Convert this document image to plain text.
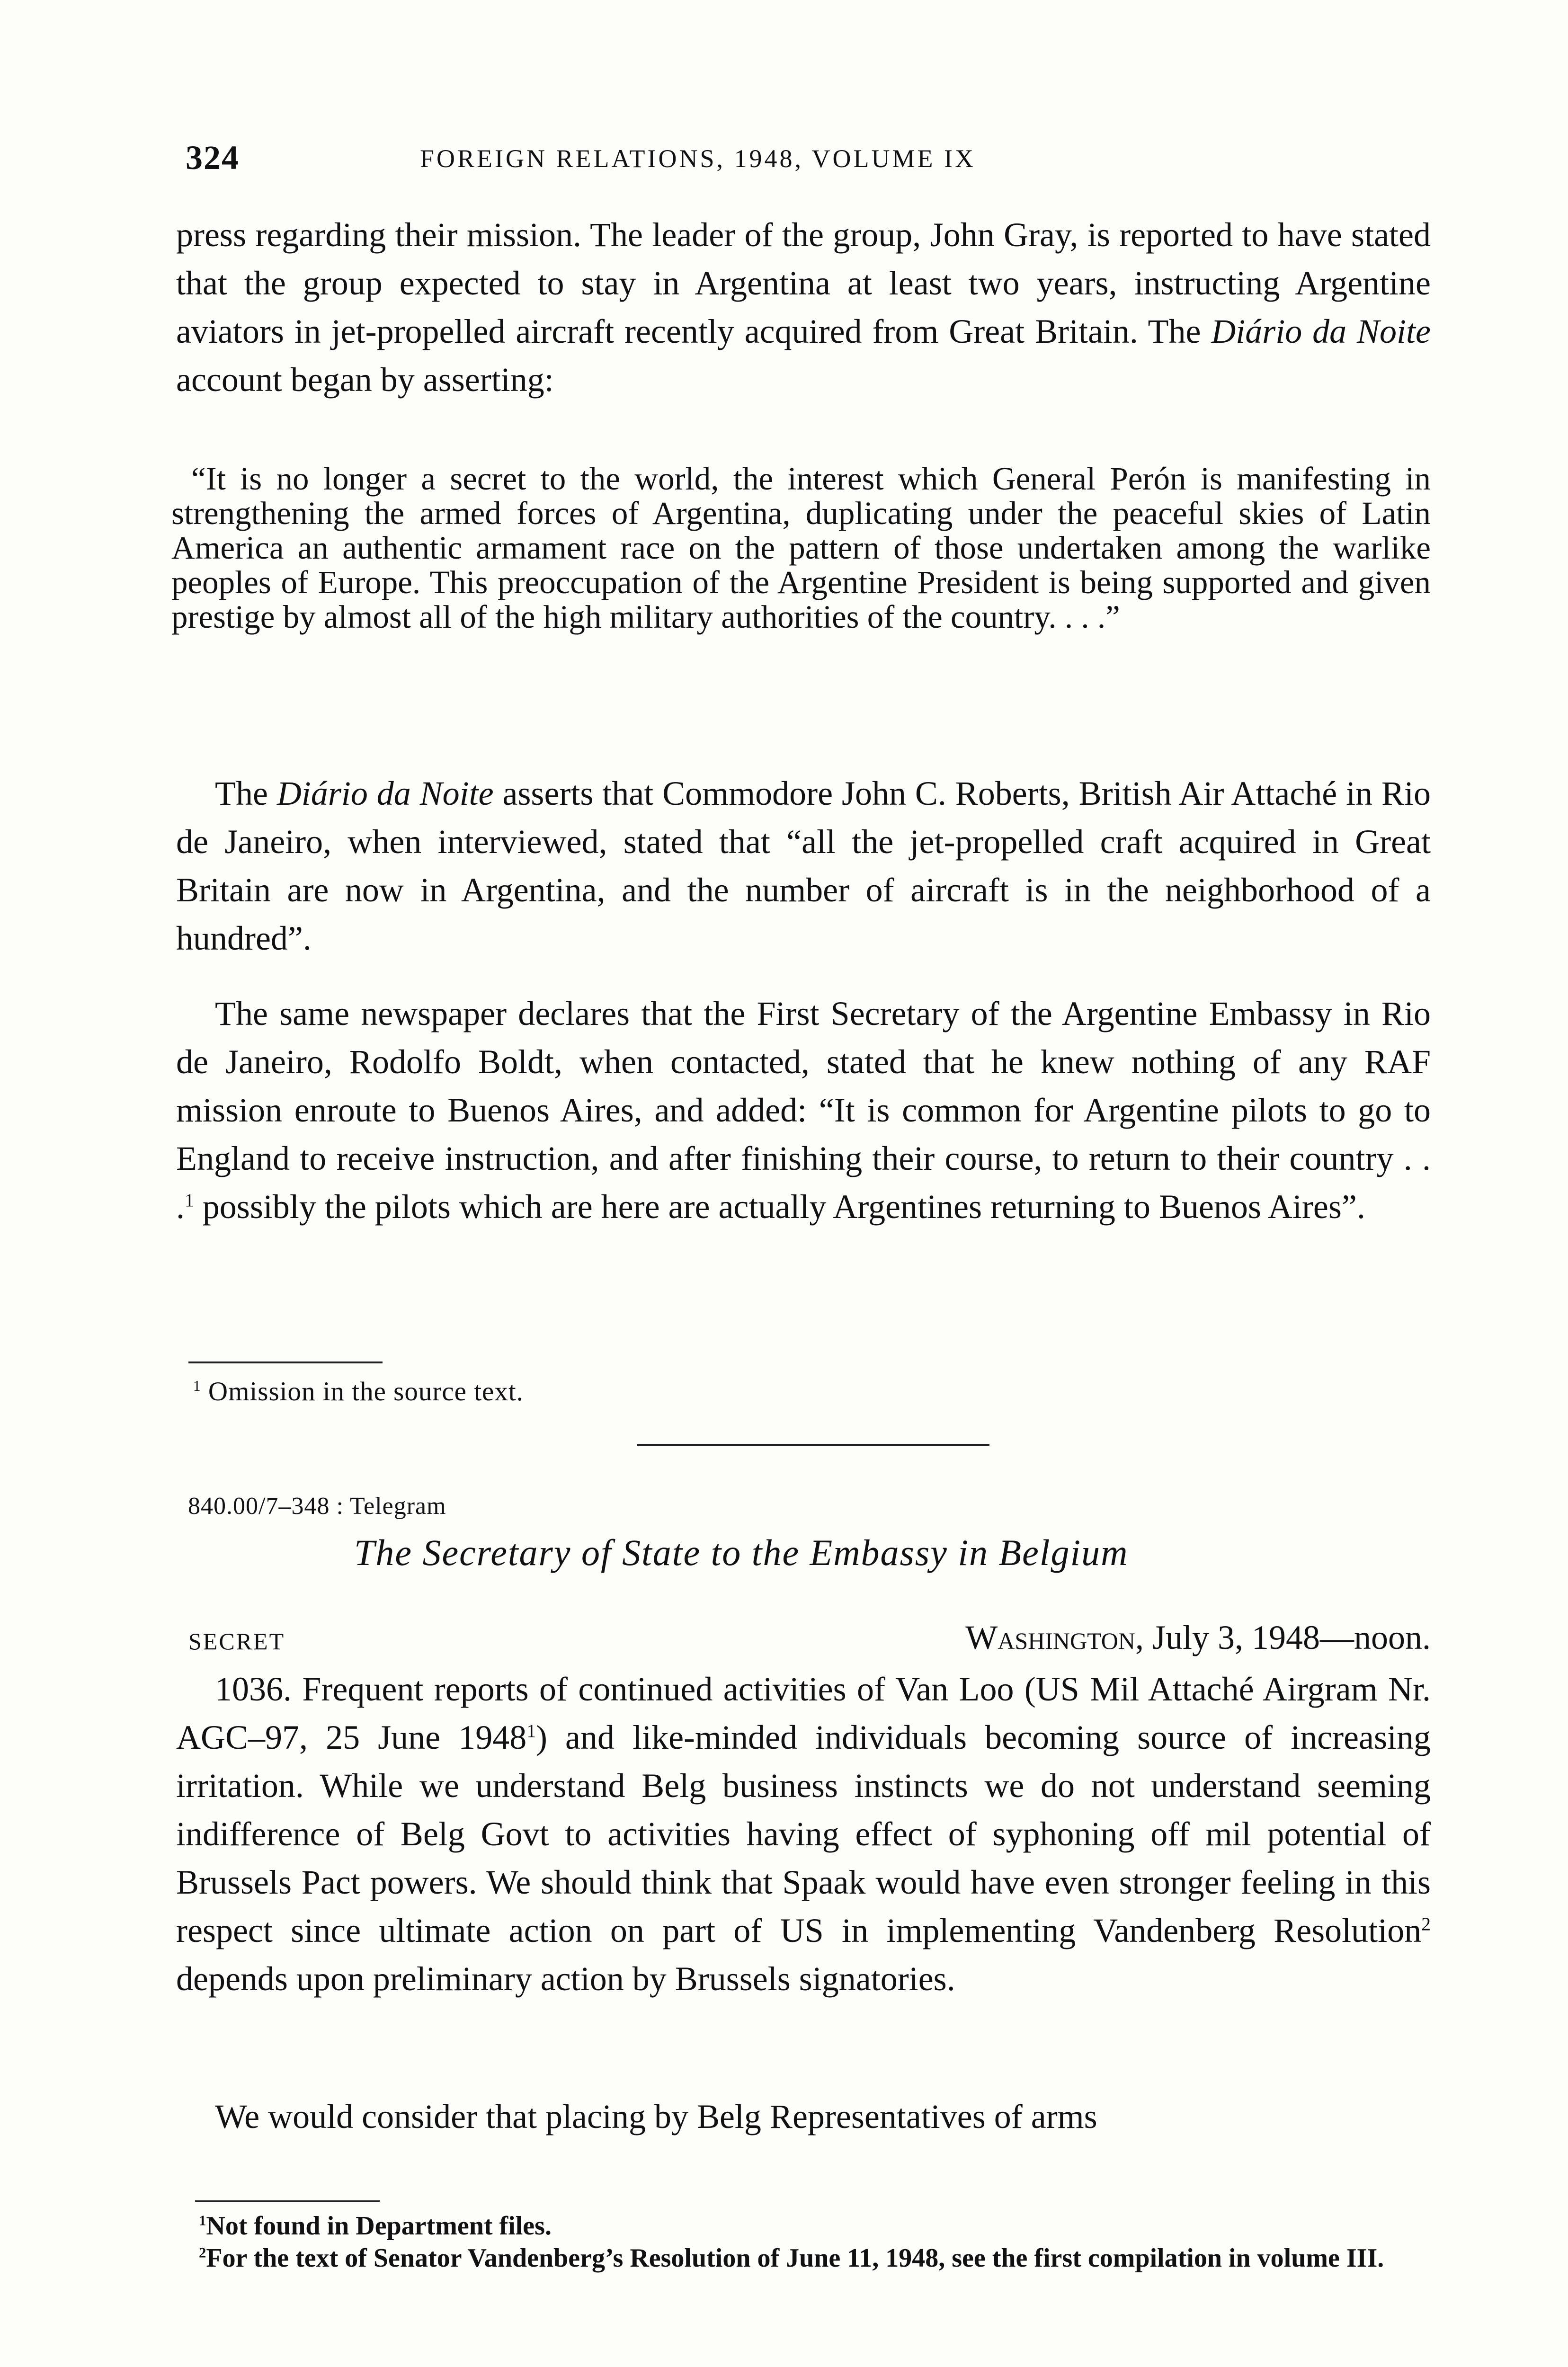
324	FOREIGN RELATIONS, 1948, VOLUME IX

press regarding their mission. The leader of the group, John Gray, is reported to have stated that the group expected to stay in Argentina at least two years, instructing Argentine aviators in jet-propelled aircraft recently acquired from Great Britain. The Diário da Noite account began by asserting:

“It is no longer a secret to the world, the interest which General Perón is manifesting in strengthening the armed forces of Argentina, duplicating under the peaceful skies of Latin America an authentic armament race on the pattern of those undertaken among the warlike peoples of Europe. This preoccupation of the Argentine President is being supported and given prestige by almost all of the high military authorities of the country. . . .”

The Diário da Noite asserts that Commodore John C. Roberts, British Air Attaché in Rio de Janeiro, when interviewed, stated that “all the jet-propelled craft acquired in Great Britain are now in Argentina, and the number of aircraft is in the neighborhood of a hundred”.

The same newspaper declares that the First Secretary of the Argentine Embassy in Rio de Janeiro, Rodolfo Boldt, when contacted, stated that he knew nothing of any RAF mission enroute to Buenos Aires, and added: “It is common for Argentine pilots to go to England to receive instruction, and after finishing their course, to return to their country . . .$^1$ possibly the pilots which are here are actually Argentines returning to Buenos Aires”.

$^1$ Omission in the source text.
840.00/7–348 : Telegram
The Secretary of State to the Embassy in Belgium
SECRET	Washington, July 3, 1948—noon.

1036. Frequent reports of continued activities of Van Loo (US Mil Attaché Airgram Nr. AGC–97, 25 June 1948$^1$) and like-minded individuals becoming source of increasing irritation. While we understand Belg business instincts we do not understand seeming indifference of Belg Govt to activities having effect of syphoning off mil potential of Brussels Pact powers. We should think that Spaak would have even stronger feeling in this respect since ultimate action on part of US in implementing Vandenberg Resolution$^2$ depends upon preliminary action by Brussels signatories.

We would consider that placing by Belg Representatives of arms

$^1$Not found in Department files.
$^2$For the text of Senator Vandenberg’s Resolution of June 11, 1948, see the first compilation in volume III.
